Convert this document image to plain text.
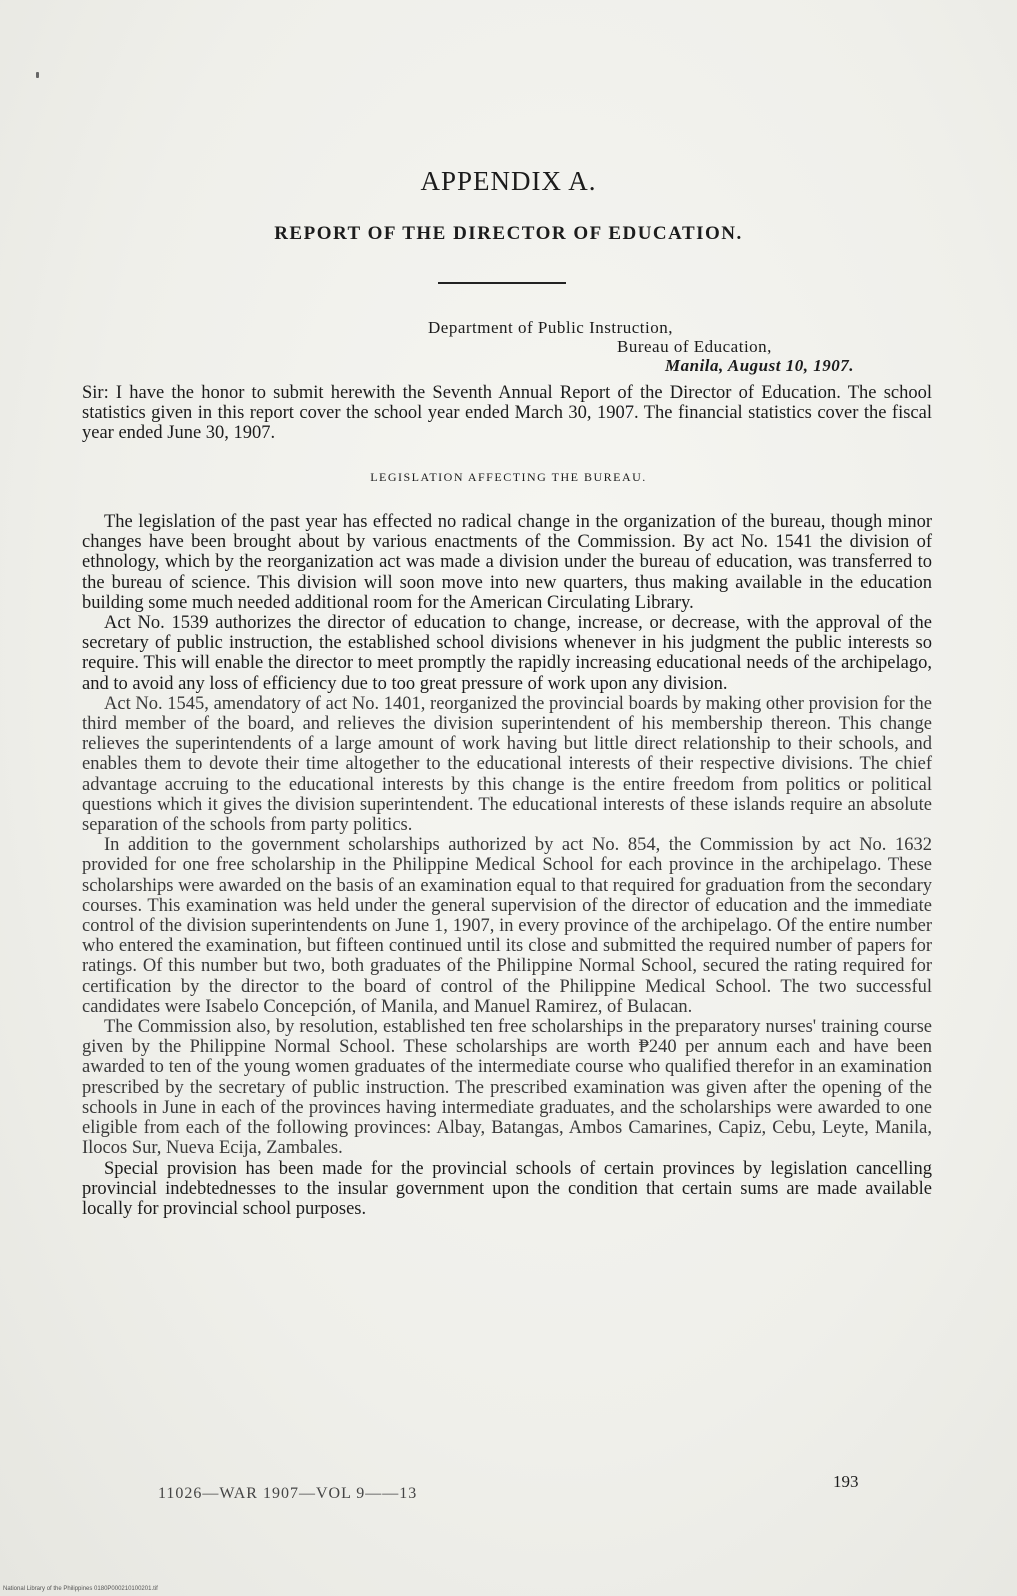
APPENDIX A.
REPORT OF THE DIRECTOR OF EDUCATION.
Department of Public Instruction,
Bureau of Education,
Manila, August 10, 1907.
Sir: I have the honor to submit herewith the Seventh Annual Report of the Director of Education. The school statistics given in this report cover the school year ended March 30, 1907. The financial statistics cover the fiscal year ended June 30, 1907.
LEGISLATION AFFECTING THE BUREAU.

The legislation of the past year has effected no radical change in the organization of the bureau, though minor changes have been brought about by various enactments of the Commission. By act No. 1541 the division of ethnology, which by the reorganization act was made a division under the bureau of education, was transferred to the bureau of science. This division will soon move into new quarters, thus making available in the education building some much needed additional room for the American Circulating Library.

Act No. 1539 authorizes the director of education to change, increase, or decrease, with the approval of the secretary of public instruction, the established school divisions whenever in his judgment the public interests so require. This will enable the director to meet promptly the rapidly increasing educational needs of the archipelago, and to avoid any loss of efficiency due to too great pressure of work upon any division.

Act No. 1545, amendatory of act No. 1401, reorganized the provincial boards by making other provision for the third member of the board, and relieves the division superintendent of his membership thereon. This change relieves the superintendents of a large amount of work having but little direct relationship to their schools, and enables them to devote their time altogether to the educational interests of their respective divisions. The chief advantage accruing to the educational interests by this change is the entire freedom from politics or political questions which it gives the division superintendent. The educational interests of these islands require an absolute separation of the schools from party politics.

In addition to the government scholarships authorized by act No. 854, the Commission by act No. 1632 provided for one free scholarship in the Philippine Medical School for each province in the archipelago. These scholarships were awarded on the basis of an examination equal to that required for graduation from the secondary courses. This examination was held under the general supervision of the director of education and the immediate control of the division superintendents on June 1, 1907, in every province of the archipelago. Of the entire number who entered the examination, but fifteen continued until its close and submitted the required number of papers for ratings. Of this number but two, both graduates of the Philippine Normal School, secured the rating required for certification by the director to the board of control of the Philippine Medical School. The two successful candidates were Isabelo Concepción, of Manila, and Manuel Ramirez, of Bulacan.

The Commission also, by resolution, established ten free scholarships in the preparatory nurses' training course given by the Philippine Normal School. These scholarships are worth ₱240 per annum each and have been awarded to ten of the young women graduates of the intermediate course who qualified therefor in an examination prescribed by the secretary of public instruction. The prescribed examination was given after the opening of the schools in June in each of the provinces having intermediate graduates, and the scholarships were awarded to one eligible from each of the following provinces: Albay, Batangas, Ambos Camarines, Capiz, Cebu, Leyte, Manila, Ilocos Sur, Nueva Ecija, Zambales.

Special provision has been made for the provincial schools of certain provinces by legislation cancelling provincial indebtednesses to the insular government upon the condition that certain sums are made available locally for provincial school purposes.

193
11026—WAR 1907—VOL 9——13
National Library of the Philippines 0180P000210100201.tif
